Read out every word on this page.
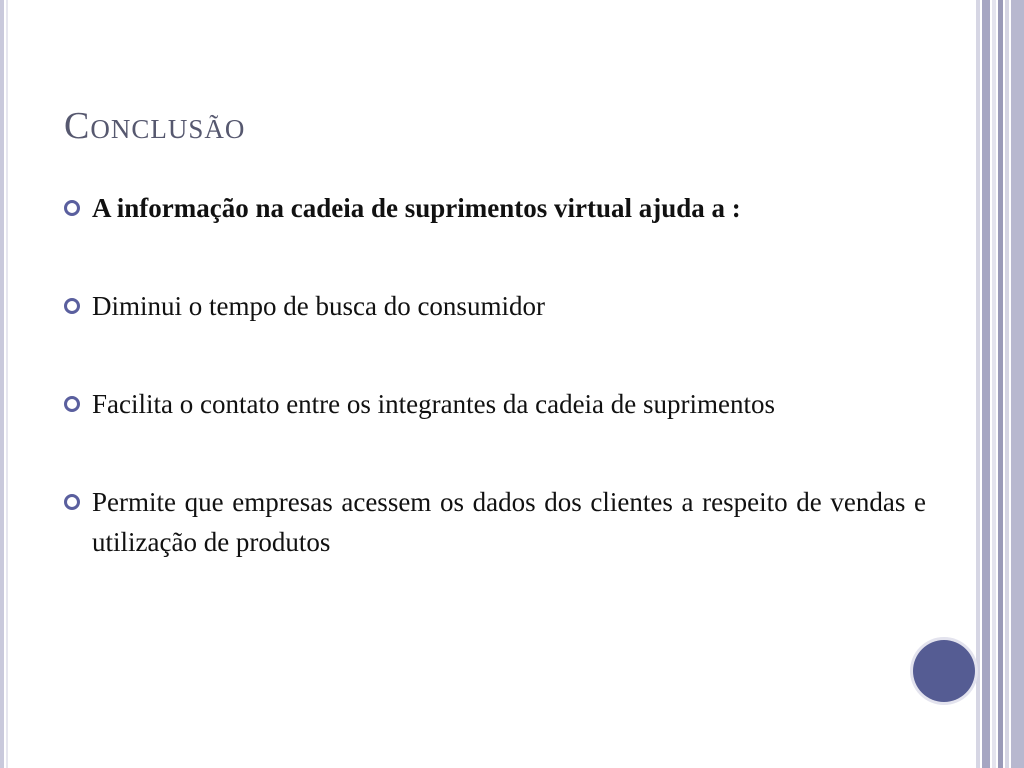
Conclusão
A informação na cadeia de suprimentos virtual ajuda a :
Diminui o tempo de busca do consumidor
Facilita o contato entre os integrantes da cadeia de suprimentos
Permite que empresas acessem os dados dos clientes a respeito de vendas e utilização de produtos
